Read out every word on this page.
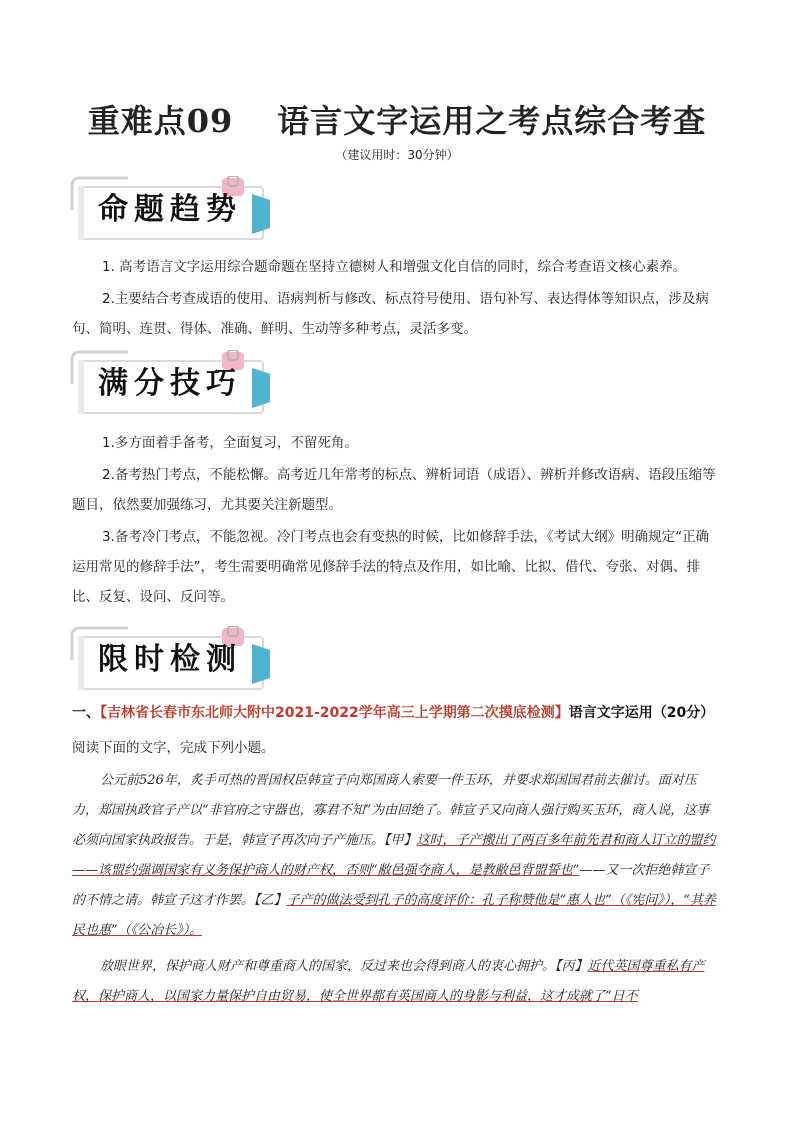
重难点09 语言文字运用之考点综合考查
（建议用时：30分钟）
命题趋势
1. 高考语言文字运用综合题命题在坚持立德树人和增强文化自信的同时，综合考查语文核心素养。
2.主要结合考查成语的使用、语病判析与修改、标点符号使用、语句补写、表达得体等知识点，涉及病句、简明、连贯、得体、准确、鲜明、生动等多种考点，灵活多变。
满分技巧
1.多方面着手备考，全面复习，不留死角。
2.备考热门考点，不能松懈。高考近几年常考的标点、辨析词语（成语）、辨析并修改语病、语段压缩等题目，依然要加强练习，尤其要关注新题型。
3.备考冷门考点，不能忽视。冷门考点也会有变热的时候，比如修辞手法，《考试大纲》明确规定“正确运用常见的修辞手法”，考生需要明确常见修辞手法的特点及作用，如比喻、比拟、借代、夸张、对偶、排比、反复、设问、反问等。
限时检测
一、【吉林省长春市东北师大附中2021-2022学年高三上学期第二次摸底检测】语言文字运用（20分）
阅读下面的文字，完成下列小题。
公元前526年，炙手可热的晋国权臣韩宣子向郑国商人索要一件玉环，并要求郑国国君前去催讨。面对压力，郑国执政官子产以“非官府之守器也，寡君不知”为由回绝了。韩宣子又向商人强行购买玉环，商人说，这事必须向国家执政报告。于是，韩宣子再次向子产施压。【甲】这时，子产搬出了两百多年前先君和商人订立的盟约——该盟约强调国家有义务保护商人的财产权，否则“敝邑强夺商人，是教敝邑背盟誓也”——又一次拒绝韩宣子的不情之请。韩宣子这才作罢。【乙】子产的做法受到孔子的高度评价：孔子称赞他是“惠人也”（《宪问》），“其养民也惠”（《公冶长》）。
放眼世界，保护商人财产和尊重商人的国家，反过来也会得到商人的衷心拥护。【丙】近代英国尊重私有产权，保护商人，以国家力量保护自由贸易，使全世界都有英国商人的身影与利益，这才成就了“日不
